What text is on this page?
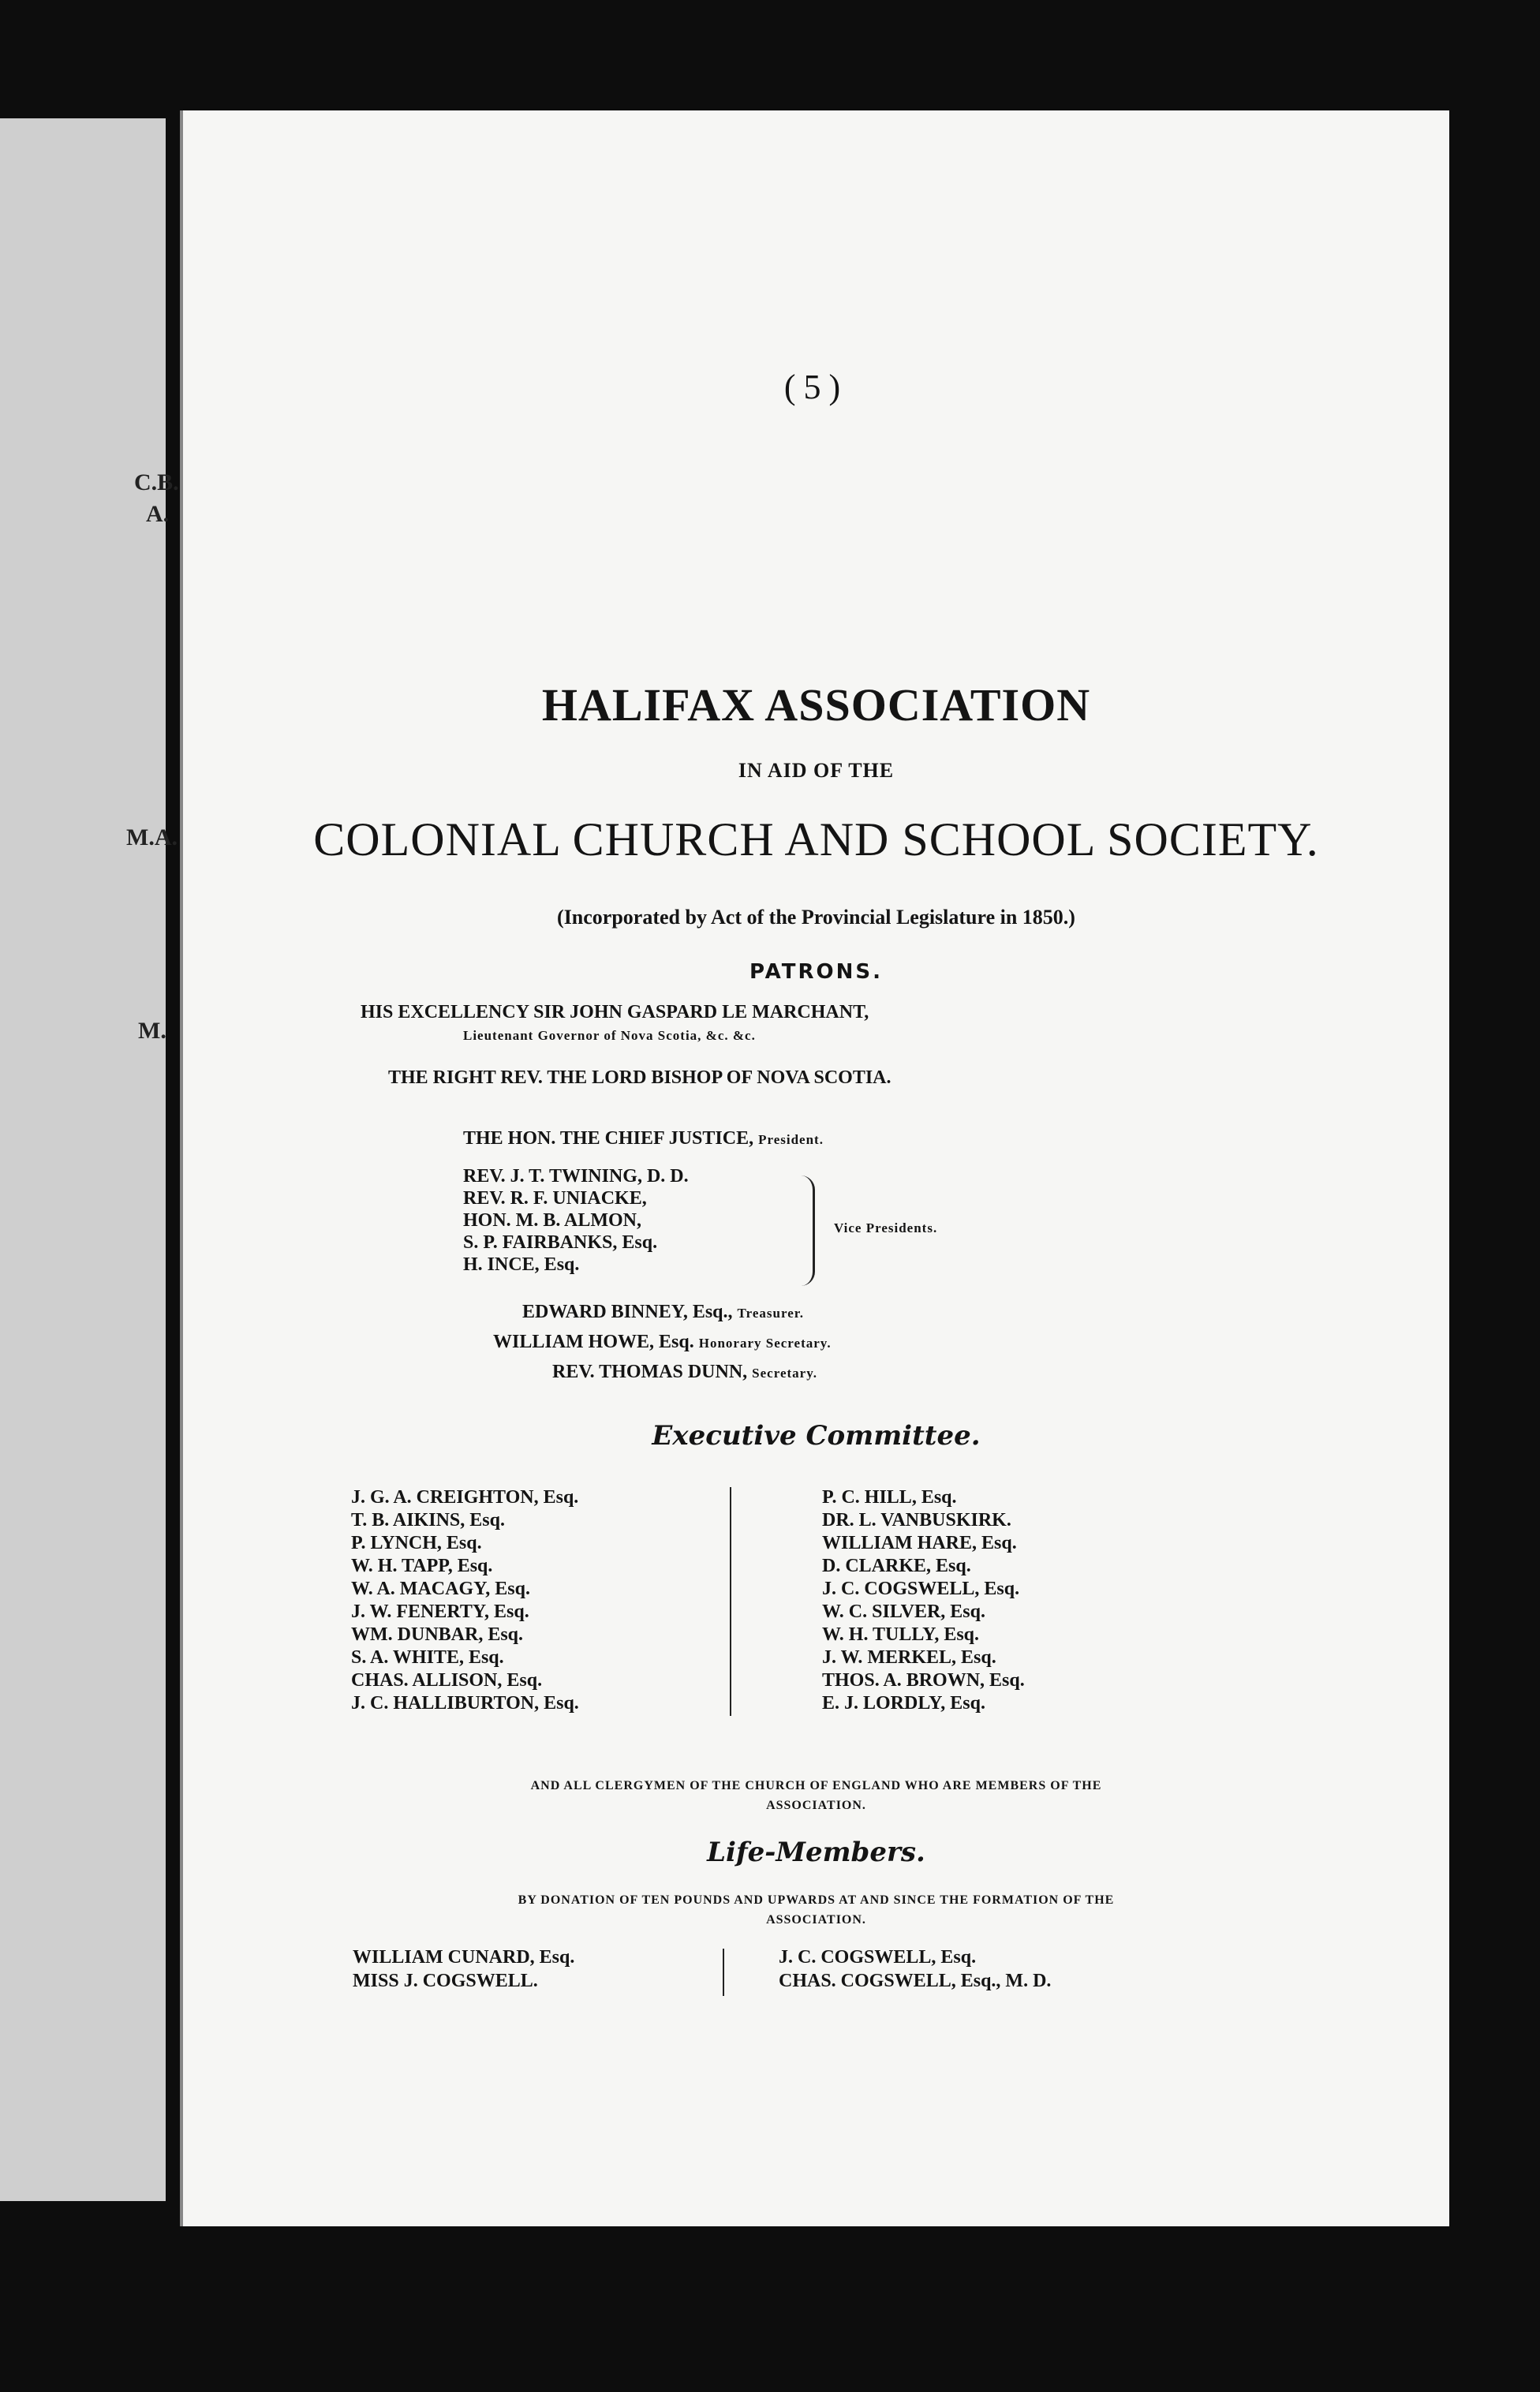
C.B.
A.
M.A.
M.
(5)
HALIFAX ASSOCIATION
IN AID OF THE
COLONIAL CHURCH AND SCHOOL SOCIETY.
(Incorporated by Act of the Provincial Legislature in 1850.)
PATRONS.
HIS EXCELLENCY SIR JOHN GASPARD LE MARCHANT,
Lieutenant Governor of Nova Scotia, &c. &c.
THE RIGHT REV. THE LORD BISHOP OF NOVA SCOTIA.
THE HON. THE CHIEF JUSTICE, President.
REV. J. T. TWINING, D. D.
REV. R. F. UNIACKE,
HON. M. B. ALMON,
S. P. FAIRBANKS, Esq.
H. INCE, Esq.
Vice Presidents.
EDWARD BINNEY, Esq., Treasurer.
WILLIAM HOWE, Esq. Honorary Secretary.
REV. THOMAS DUNN, Secretary.
Executive Committee.
J. G. A. CREIGHTON, Esq.
T. B. AIKINS, Esq.
P. LYNCH, Esq.
W. H. TAPP, Esq.
W. A. MACAGY, Esq.
J. W. FENERTY, Esq.
WM. DUNBAR, Esq.
S. A. WHITE, Esq.
CHAS. ALLISON, Esq.
J. C. HALLIBURTON, Esq.
P. C. HILL, Esq.
DR. L. VANBUSKIRK.
WILLIAM HARE, Esq.
D. CLARKE, Esq.
J. C. COGSWELL, Esq.
W. C. SILVER, Esq.
W. H. TULLY, Esq.
J. W. MERKEL, Esq.
THOS. A. BROWN, Esq.
E. J. LORDLY, Esq.
AND ALL CLERGYMEN OF THE CHURCH OF ENGLAND WHO ARE MEMBERS OF THE
ASSOCIATION.
Life-Members.
BY DONATION OF TEN POUNDS AND UPWARDS AT AND SINCE THE FORMATION OF THE
ASSOCIATION.
WILLIAM CUNARD, Esq.
MISS J. COGSWELL.
J. C. COGSWELL, Esq.
CHAS. COGSWELL, Esq., M. D.
